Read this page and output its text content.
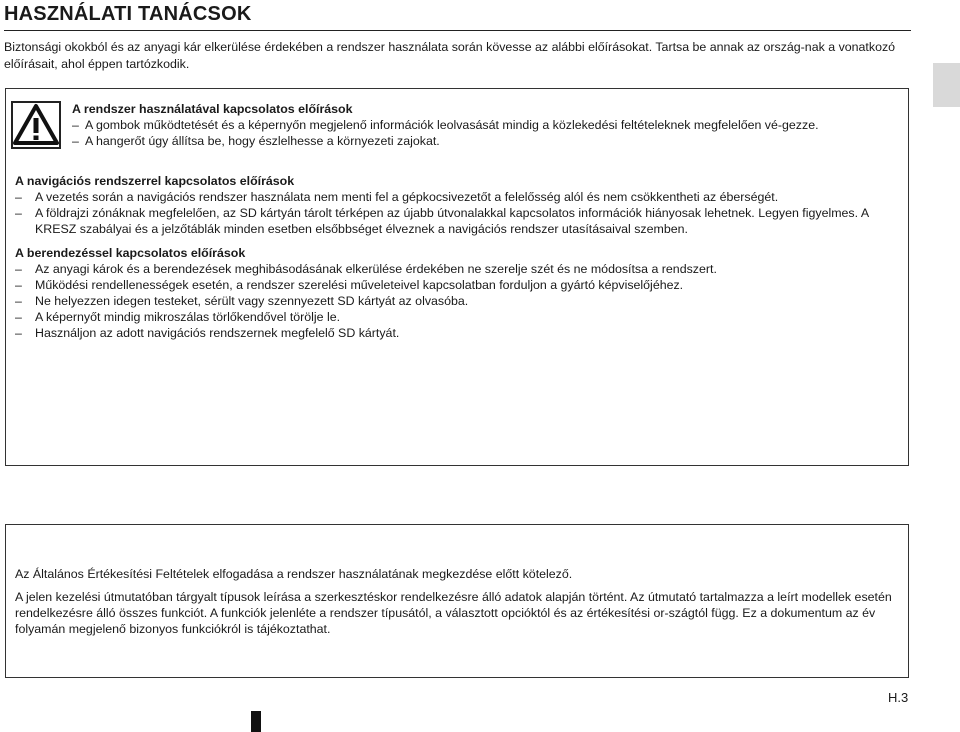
HASZNÁLATI TANÁCSOK
Biztonsági okokból és az anyagi kár elkerülése érdekében a rendszer használata során kövesse az alábbi előírásokat. Tartsa be annak az ország-nak a vonatkozó előírásait, ahol éppen tartózkodik.
A rendszer használatával kapcsolatos előírások
– A gombok működtetését és a képernyőn megjelenő információk leolvasását mindig a közlekedési feltételeknek megfelelően vé-gezze.
– A hangerőt úgy állítsa be, hogy észlelhesse a környezeti zajokat.
A navigációs rendszerrel kapcsolatos előírások
– A vezetés során a navigációs rendszer használata nem menti fel a gépkocsivezetőt a felelősség alól és nem csökkentheti az éberségét.
– A földrajzi zónáknak megfelelően, az SD kártyán tárolt térképen az újabb útvonalakkal kapcsolatos információk hiányosak lehetnek. Legyen figyelmes. A KRESZ szabályai és a jelzőtáblák minden esetben elsőbbséget élveznek a navigációs rendszer utasításaival szemben.
A berendezéssel kapcsolatos előírások
– Az anyagi károk és a berendezések meghibásodásának elkerülése érdekében ne szerelje szét és ne módosítsa a rendszert.
– Működési rendellenességek esetén, a rendszer szerelési műveleteivel kapcsolatban forduljon a gyártó képviselőjéhez.
– Ne helyezzen idegen testeket, sérült vagy szennyezett SD kártyát az olvasóba.
– A képernyőt mindig mikroszálas törlőkendővel törölje le.
– Használjon az adott navigációs rendszernek megfelelő SD kártyát.
Az Általános Értékesítési Feltételek elfogadása a rendszer használatának megkezdése előtt kötelező.
A jelen kezelési útmutatóban tárgyalt típusok leírása a szerkesztéskor rendelkezésre álló adatok alapján történt. Az útmutató tartalmazza a leírt modellek esetén rendelkezésre álló összes funkciót. A funkciók jelenléte a rendszer típusától, a választott opcióktól és az értékesítési or-szágtól függ. Ez a dokumentum az év folyamán megjelenő bizonyos funkciókról is tájékoztathat.
H.3
